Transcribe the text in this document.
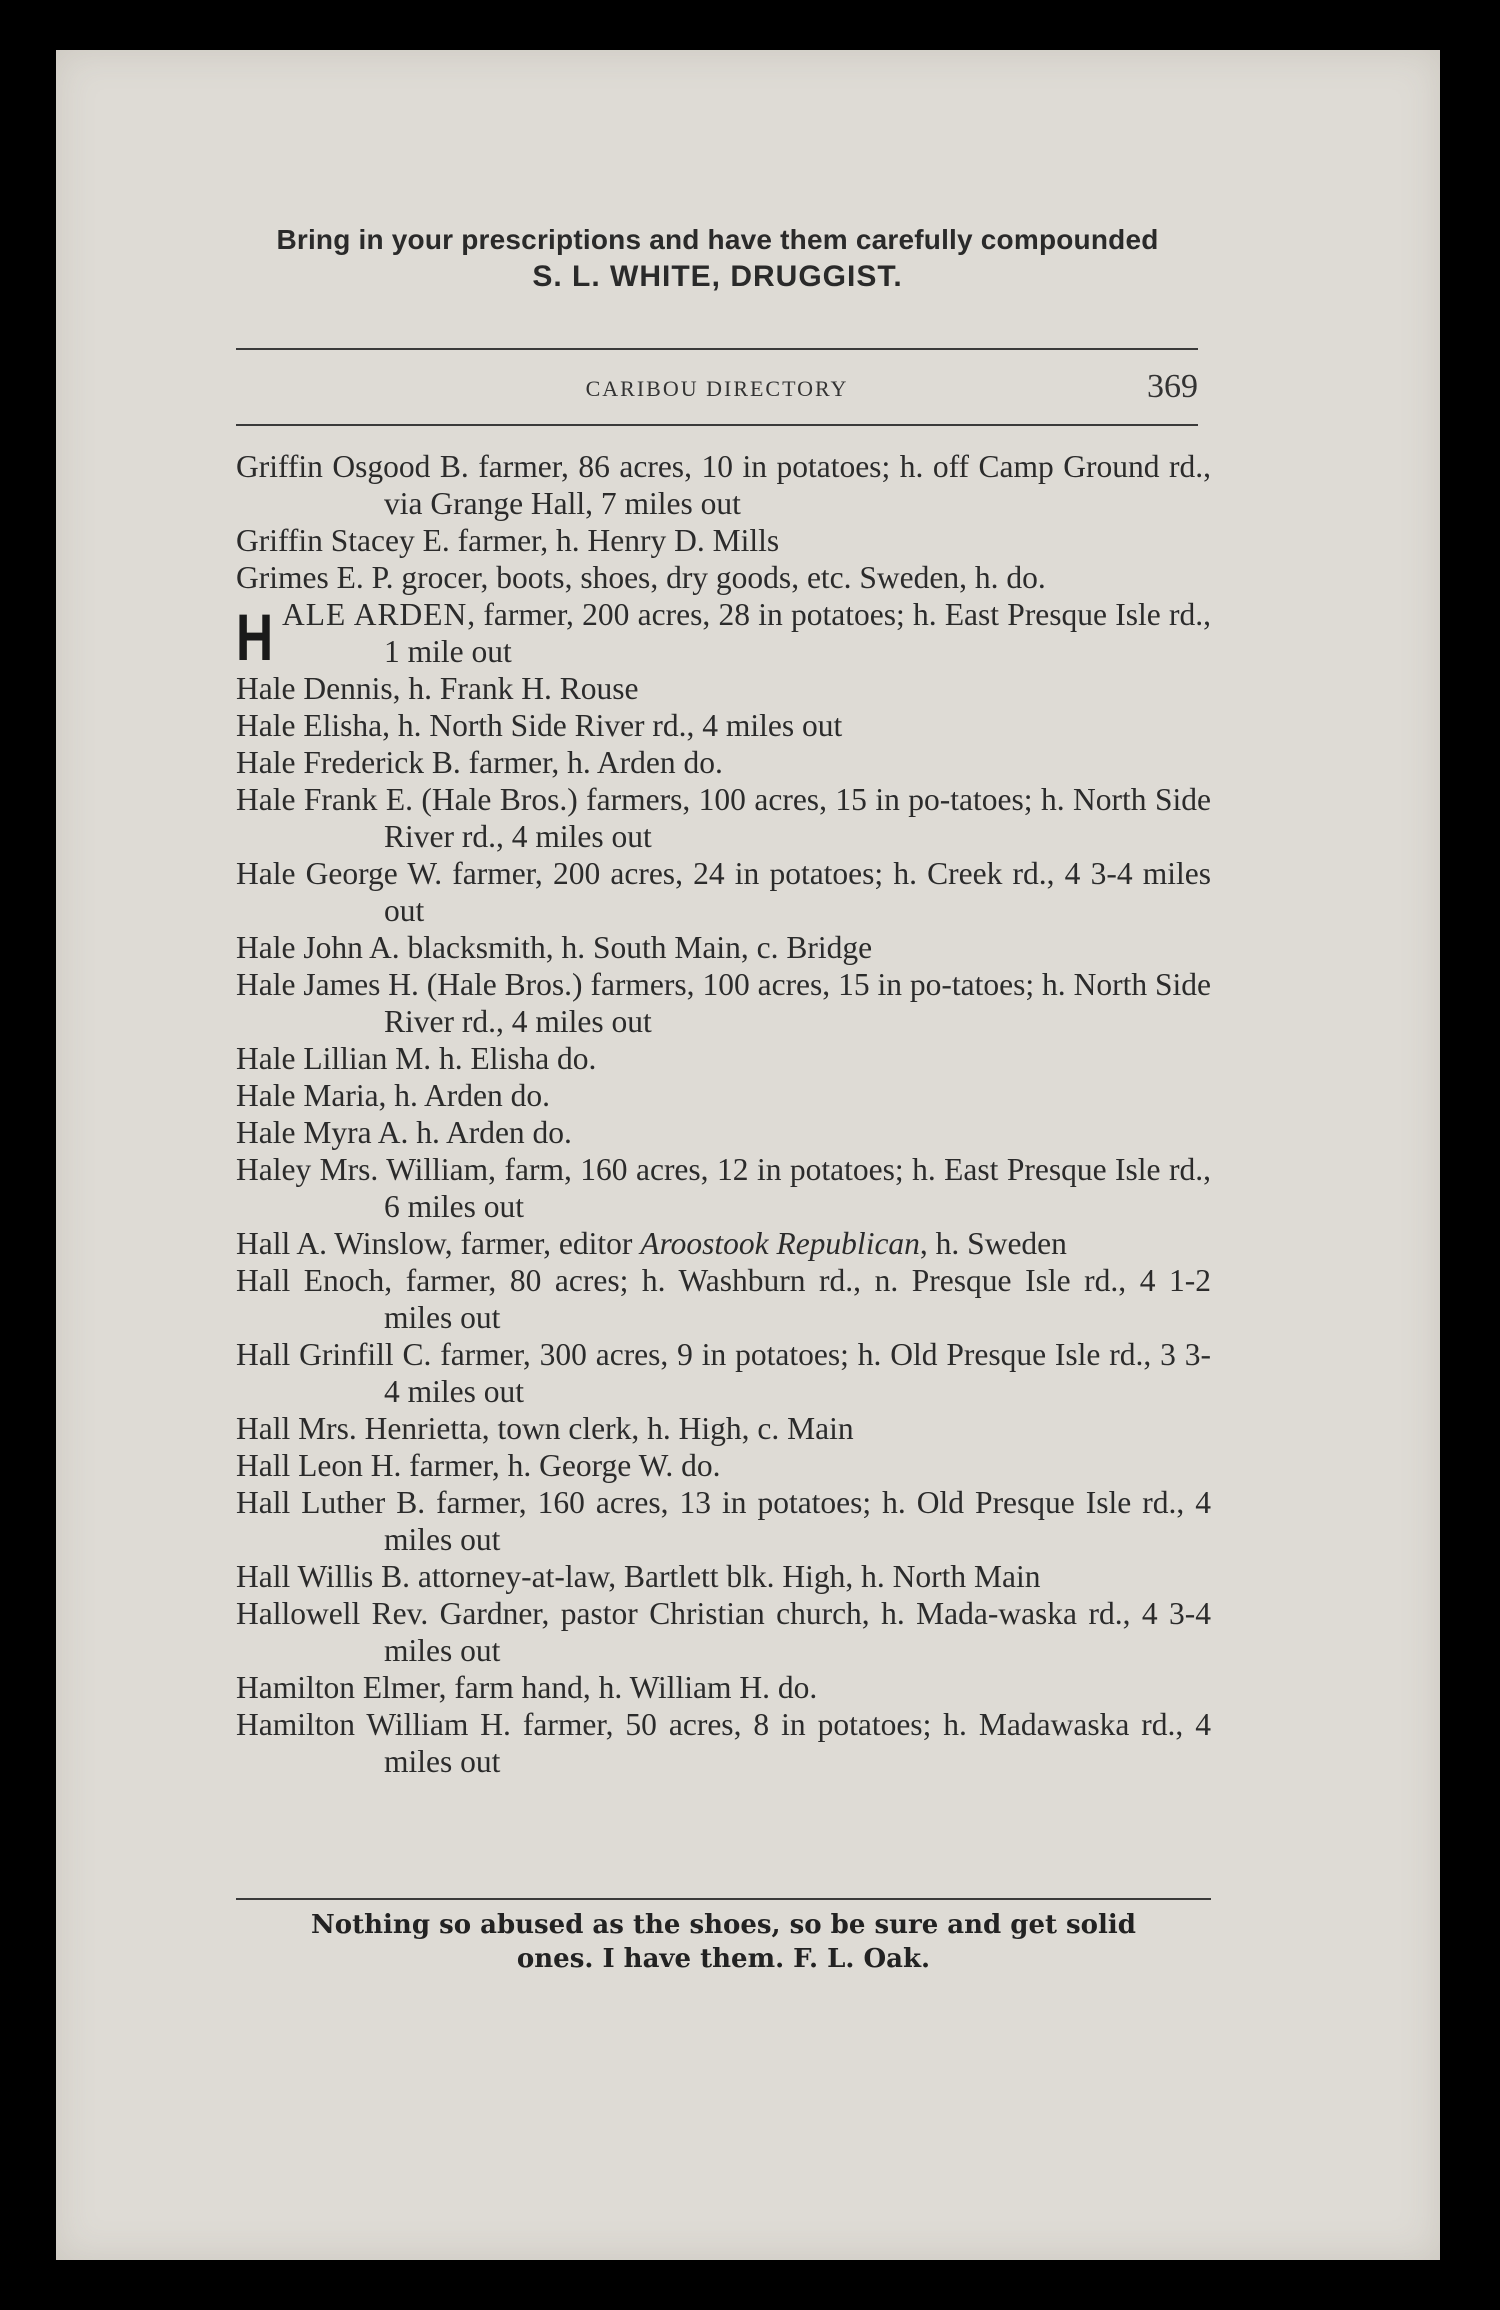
Bring in your prescriptions and have them carefully compounded
S. L. WHITE, DRUGGIST.
CARIBOU DIRECTORY	369
Griffin Osgood B. farmer, 86 acres, 10 in potatoes; h. off Camp Ground rd., via Grange Hall, 7 miles out
Griffin Stacey E. farmer, h. Henry D. Mills
Grimes E. P. grocer, boots, shoes, dry goods, etc. Sweden, h. do.
H ALE ARDEN, farmer, 200 acres, 28 in potatoes; h. East Presque Isle rd., 1 mile out
Hale Dennis, h. Frank H. Rouse
Hale Elisha, h. North Side River rd., 4 miles out
Hale Frederick B. farmer, h. Arden do.
Hale Frank E. (Hale Bros.) farmers, 100 acres, 15 in po-tatoes; h. North Side River rd., 4 miles out
Hale George W. farmer, 200 acres, 24 in potatoes; h. Creek rd., 4 3-4 miles out
Hale John A. blacksmith, h. South Main, c. Bridge
Hale James H. (Hale Bros.) farmers, 100 acres, 15 in po-tatoes; h. North Side River rd., 4 miles out
Hale Lillian M. h. Elisha do.
Hale Maria, h. Arden do.
Hale Myra A. h. Arden do.
Haley Mrs. William, farm, 160 acres, 12 in potatoes; h. East Presque Isle rd., 6 miles out
Hall A. Winslow, farmer, editor Aroostook Republican, h. Sweden
Hall Enoch, farmer, 80 acres; h. Washburn rd., n. Presque Isle rd., 4 1-2 miles out
Hall Grinfill C. farmer, 300 acres, 9 in potatoes; h. Old Presque Isle rd., 3 3-4 miles out
Hall Mrs. Henrietta, town clerk, h. High, c. Main
Hall Leon H. farmer, h. George W. do.
Hall Luther B. farmer, 160 acres, 13 in potatoes; h. Old Presque Isle rd., 4 miles out
Hall Willis B. attorney-at-law, Bartlett blk. High, h. North Main
Hallowell Rev. Gardner, pastor Christian church, h. Mada-waska rd., 4 3-4 miles out
Hamilton Elmer, farm hand, h. William H. do.
Hamilton William H. farmer, 50 acres, 8 in potatoes; h. Madawaska rd., 4 miles out
Nothing so abused as the shoes, so be sure and get solid
ones. I have them. F. L. Oak.
